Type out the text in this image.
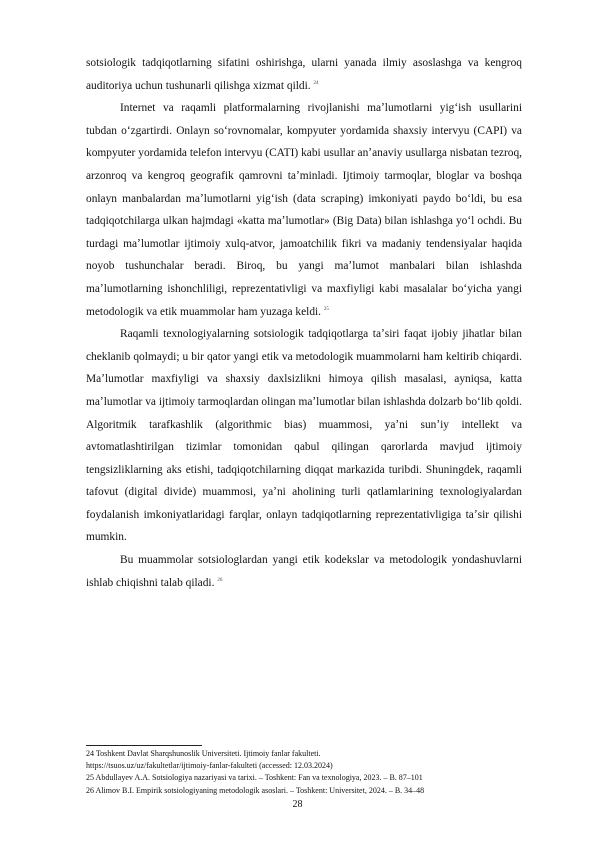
sotsiologik tadqiqotlarning sifatini oshirishga, ularni yanada ilmiy asoslashga va kengroq auditoriya uchun tushunarli qilishga xizmat qildi. $^{24}$

Internet va raqamli platformalarning rivojlanishi maʼlumotlarni yigʻish usullarini tubdan oʻzgartirdi. Onlayn soʻrovnomalar, kompyuter yordamida shaxsiy intervyu (CAPI) va kompyuter yordamida telefon intervyu (CATI) kabi usullar anʼanaviy usullarga nisbatan tezroq, arzonroq va kengroq geografik qamrovni taʼminladi. Ijtimoiy tarmoqlar, bloglar va boshqa onlayn manbalardan maʼlumotlarni yigʻish (data scraping) imkoniyati paydo boʻldi, bu esa tadqiqotchilarga ulkan hajmdagi «katta maʼlumotlar» (Big Data) bilan ishlashga yoʻl ochdi. Bu turdagi maʼlumotlar ijtimoiy xulq-atvor, jamoatchilik fikri va madaniy tendensiyalar haqida noyob tushunchalar beradi. Biroq, bu yangi maʼlumot manbalari bilan ishlashda maʼlumotlarning ishonchliligi, reprezentativligi va maxfiyligi kabi masalalar boʻyicha yangi metodologik va etik muammolar ham yuzaga keldi. $^{25}$

Raqamli texnologiyalarning sotsiologik tadqiqotlarga taʼsiri faqat ijobiy jihatlar bilan cheklanib qolmaydi; u bir qator yangi etik va metodologik muammolarni ham keltirib chiqardi. Maʼlumotlar maxfiyligi va shaxsiy daxlsizlikni himoya qilish masalasi, ayniqsa, katta maʼlumotlar va ijtimoiy tarmoqlardan olingan maʼlumotlar bilan ishlashda dolzarb boʻlib qoldi. Algoritmik tarafkashlik (algorithmic bias) muammosi, yaʼni sunʼiy intellekt va avtomatlashtirilgan tizimlar tomonidan qabul qilingan qarorlarda mavjud ijtimoiy tengsizliklarning aks etishi, tadqiqotchilarning diqqat markazida turibdi. Shuningdek, raqamli tafovut (digital divide) muammosi, yaʼni aholining turli qatlamlarining texnologiyalardan foydalanish imkoniyatlaridagi farqlar, onlayn tadqiqotlarning reprezentativligiga taʼsir qilishi mumkin.

Bu muammolar sotsiologlardan yangi etik kodekslar va metodologik yondashuvlarni ishlab chiqishni talab qiladi. $^{26}$

24 Toshkent Davlat Sharqshunoslik Universiteti. Ijtimoiy fanlar fakulteti.
https://tsuos.uz/uz/fakultetlar/ijtimoiy-fanlar-fakulteti (accessed: 12.03.2024)
25 Abdullayev A.A. Sotsiologiya nazariyasi va tarixi. – Toshkent: Fan va texnologiya, 2023. – B. 87–101
26 Alimov B.I. Empirik sotsiologiyaning metodologik asoslari. – Toshkent: Universitet, 2024. – B. 34–48
28
